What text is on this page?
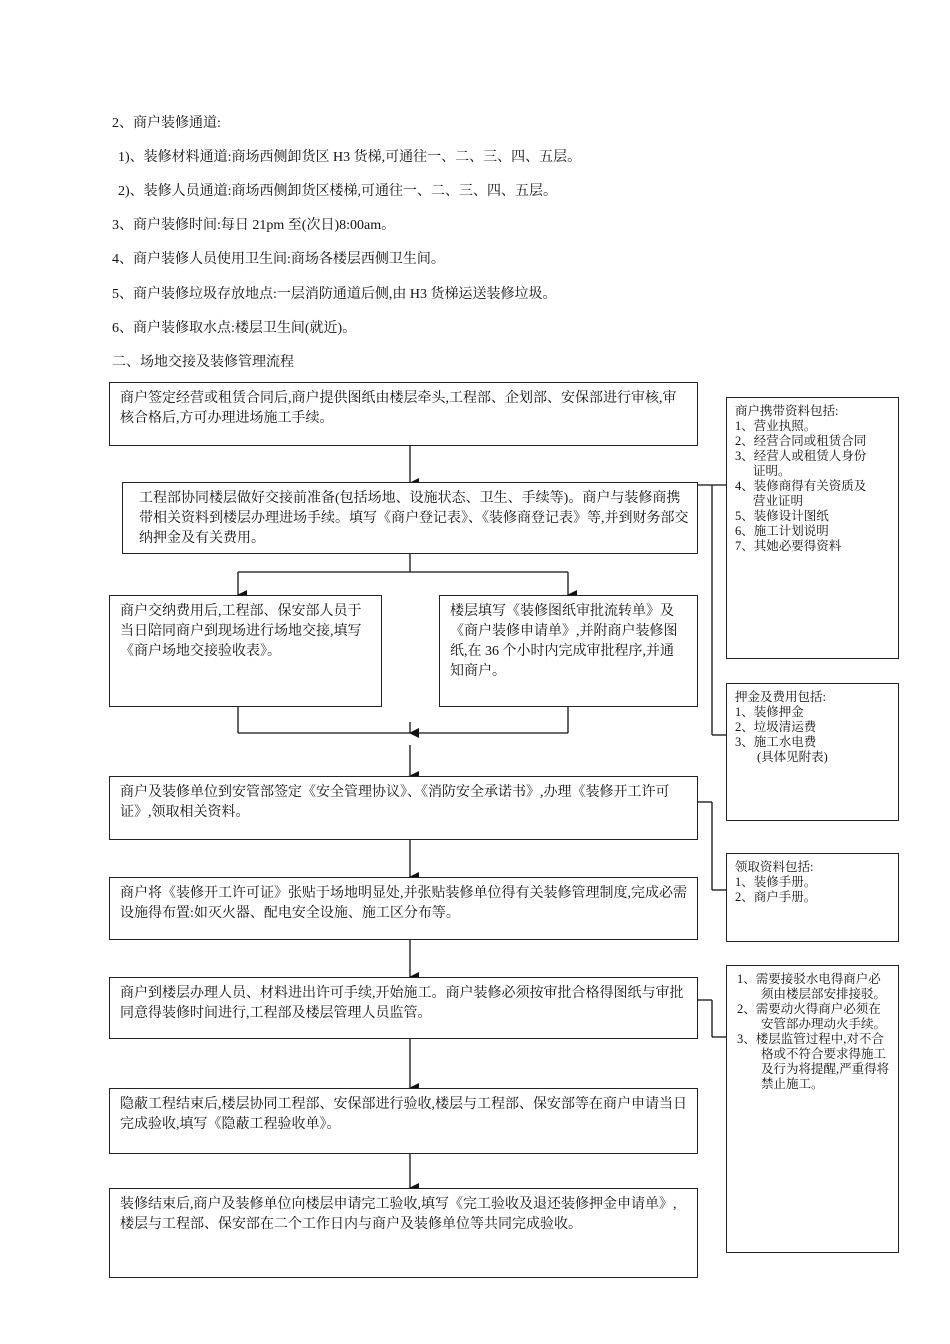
2、商户装修通道:
1)、装修材料通道:商场西侧卸货区 H3 货梯,可通往一、二、三、四、五层。
2)、装修人员通道:商场西侧卸货区楼梯,可通往一、二、三、四、五层。
3、商户装修时间:每日 21pm 至(次日)8:00am。
4、商户装修人员使用卫生间:商场各楼层西侧卫生间。
5、商户装修垃圾存放地点:一层消防通道后侧,由 H3 货梯运送装修垃圾。
6、商户装修取水点:楼层卫生间(就近)。
二、场地交接及装修管理流程
商户签定经营或租赁合同后,商户提供图纸由楼层牵头,工程部、企划部、安保部进行审核,审核合格后,方可办理进场施工手续。
工程部协同楼层做好交接前准备(包括场地、设施状态、卫生、手续等)。商户与装修商携带相关资料到楼层办理进场手续。填写《商户登记表》、《装修商登记表》等,并到财务部交纳押金及有关费用。
商户交纳费用后,工程部、保安部人员于当日陪同商户到现场进行场地交接,填写《商户场地交接验收表》。
楼层填写《装修图纸审批流转单》及《商户装修申请单》,并附商户装修图纸,在 36 个小时内完成审批程序,并通知商户。
商户及装修单位到安管部签定《安全管理协议》、《消防安全承诺书》,办理《装修开工许可证》,领取相关资料。
商户将《装修开工许可证》张贴于场地明显处,并张贴装修单位得有关装修管理制度,完成必需设施得布置:如灭火器、配电安全设施、施工区分布等。
商户到楼层办理人员、材料进出许可手续,开始施工。商户装修必须按审批合格得图纸与审批同意得装修时间进行,工程部及楼层管理人员监管。
隐蔽工程结束后,楼层协同工程部、安保部进行验收,楼层与工程部、保安部等在商户申请当日完成验收,填写《隐蔽工程验收单》。
装修结束后,商户及装修单位向楼层申请完工验收,填写《完工验收及退还装修押金申请单》,楼层与工程部、保安部在二个工作日内与商户及装修单位等共同完成验收。
商户携带资料包括:
1、营业执照。
2、经营合同或租赁合同
3、经营人或租赁人身份
证明。
4、装修商得有关资质及
营业证明
5、装修设计图纸
6、施工计划说明
7、其她必要得资料
押金及费用包括:
1、装修押金
2、垃圾清运费
3、施工水电费
(具体见附表)
领取资料包括:
1、装修手册。
2、商户手册。
1、需要接驳水电得商户必须由楼层部安排接驳。
2、需要动火得商户必须在安管部办理动火手续。
3、楼层监管过程中,对不合格或不符合要求得施工及行为将提醒,严重得将禁止施工。
